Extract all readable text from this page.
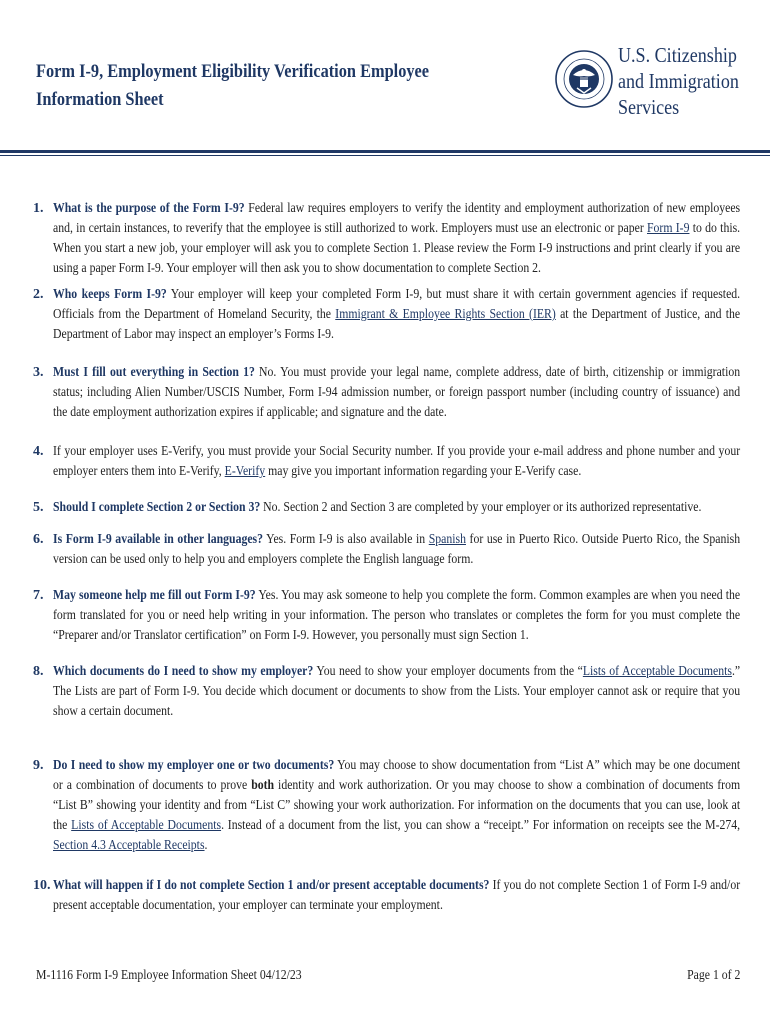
Form I-9, Employment Eligibility Verification Employee
Information Sheet
U.S. Citizenship
and Immigration
Services
1. What is the purpose of the Form I-9? Federal law requires employers to verify the identity and employment authorization of new employees and, in certain instances, to reverify that the employee is still authorized to work. Employers must use an electronic or paper Form I-9 to do this. When you start a new job, your employer will ask you to complete Section 1. Please review the Form I-9 instructions and print clearly if you are using a paper Form I-9. Your employer will then ask you to show documentation to complete Section 2.
2. Who keeps Form I-9? Your employer will keep your completed Form I-9, but must share it with certain government agencies if requested. Officials from the Department of Homeland Security, the Immigrant & Employee Rights Section (IER) at the Department of Justice, and the Department of Labor may inspect an employer’s Forms I-9.
3. Must I fill out everything in Section 1? No. You must provide your legal name, complete address, date of birth, citizenship or immigration status; including Alien Number/USCIS Number, Form I-94 admission number, or foreign passport number (including country of issuance) and the date employment authorization expires if applicable; and signature and the date.
4. If your employer uses E-Verify, you must provide your Social Security number. If you provide your e-mail address and phone number and your employer enters them into E-Verify, E-Verify may give you important information regarding your E-Verify case.
5. Should I complete Section 2 or Section 3? No. Section 2 and Section 3 are completed by your employer or its authorized representative.
6. Is Form I-9 available in other languages? Yes. Form I-9 is also available in Spanish for use in Puerto Rico. Outside Puerto Rico, the Spanish version can be used only to help you and employers complete the English language form.
7. May someone help me fill out Form I-9? Yes. You may ask someone to help you complete the form. Common examples are when you need the form translated for you or need help writing in your information. The person who translates or completes the form for you must complete the “Preparer and/or Translator certification” on Form I-9. However, you personally must sign Section 1.
8. Which documents do I need to show my employer? You need to show your employer documents from the “Lists of Acceptable Documents.” The Lists are part of Form I-9. You decide which document or documents to show from the Lists. Your employer cannot ask or require that you show a certain document.
9. Do I need to show my employer one or two documents? You may choose to show documentation from “List A” which may be one document or a combination of documents to prove both identity and work authorization. Or you may choose to show a combination of documents from “List B” showing your identity and from “List C” showing your work authorization. For information on the documents that you can use, look at the Lists of Acceptable Documents. Instead of a document from the list, you can show a “receipt.” For information on receipts see the M-274, Section 4.3 Acceptable Receipts.
10. What will happen if I do not complete Section 1 and/or present acceptable documents? If you do not complete Section 1 of Form I-9 and/or present acceptable documentation, your employer can terminate your employment.
M-1116 Form I-9 Employee Information Sheet 04/12/23	Page 1 of 2
